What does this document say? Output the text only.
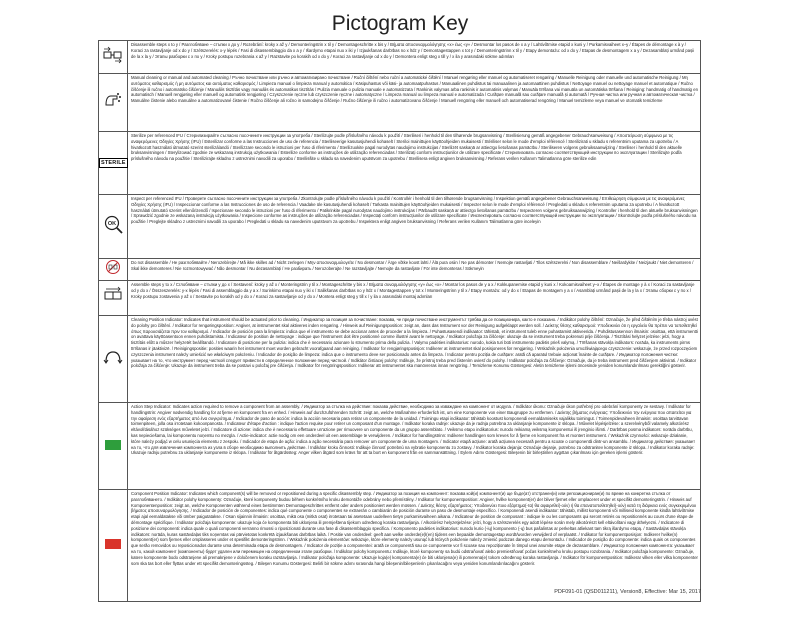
Pictogram Key
	Disassemble steps x to y / Разглобяване – стъпки x до y / Rozebrání: kroky x až y / Demonteringstrin x til y / Demontageschritte x bis y / Βήματα αποσυναρμολόγησης «x» έως «y» / Desmontar los pasos de x a y / Lahtivõtmise etapid x kuni y / Purkamisvaiheet x–y / Étapes de démontage x à y / Koraci za rastavljanje od x do y / Szétszerelés: x-y lépés / Fasi di disassemblaggio da x a y / Išardymo etapai nuo x iki y / Izjaukšanas darbības no x līdz y / Demontagestappen x tot y / Demonteringstrinn x til y / Etapy demontażu: od x do y / Etapas de desmontagem x a y / Dezasamblați urmând pașii de la x la y / Этапы разборки с x по y / Kroky postupu rozebrania x až y / Razstavite po korakih od x do y / Koraci za rastavljanje od x do y / Demontera enligt steg x till y / x ila y arasındaki sökme adımları
	Manual cleaning or manual and automated cleaning / Ръчно почистване или ръчно и автоматизирано почистване / Ruční čištění nebo ruční a automatické čištění / Manuel rengøring eller manuel og automatiseret rengøring / Manuelle Reinigung oder manuelle und automatische Reinigung / Μη αυτόματος καθαρισμός ή μη αυτόματος και αυτόματος καθαρισμός / Limpieza manual o limpieza manual y automática / Käsipuhastus või käsi- ja automaatpuhastus / Manuaalinen puhdistus tai manuaalinen ja automaattinen puhdistus / Nettoyage manuel ou nettoyage manuel et automatique / Ručno čišćenje ili ručno i automatsko čišćenje / Manuális tisztítás vagy manuális és automatikus tisztítás / Pulizia manuale o pulizia manuale e automatizzata / Rankinis valymas arba rankinis ir automatinis valymas / Manuāla tīrīšana vai manuāla un automātiska tīrīšana / Reiniging: handmatig of handmatig en automatisch / Manuell rengjøring eller manuell og automatisk rengjøring / Czyszczenie ręczne lub czyszczenie ręczne i automatyczne / Limpeza manual ou limpeza manual e automatizada / Curățare manuală sau curățare manuală și automată / Ручная чистка или ручная и автоматическая чистка / Manuálne čistenie alebo manuálne a automatizované čistenie / Ročno čiščenje ali ročno in samodejno čiščenje / Ručno čišćenje ili ručno i automatizovano čišćenje / Manuell rengöring eller manuell och automatiserad rengöring / Manuel temizleme veya manuel ve otomatik temizleme
STERILE	Sterilize per referenced IFU / Стерилизирайте съгласно посочените инструкции за употреба / Sterilizujte podle příslušného návodu k použití / Steriliseri i henhold til den tilhørende brugsanvisning / Sterilisierung gemäß angegebener Gebrauchsanweisung / Αποστείρωση σύμφωνα με τις αναφερόμενες Οδηγίες Χρήσης (IFU) / Esterilizar conforme a las Instrucciones de uso de referencia / Steriliseerige kasutusjuhendi kohaselt / Steriloi mainittujen käyttöohjeiden mukaisesti / Stériliser selon le mode d'emploi référencé / Sterilizirati u skladu s referentnim uputama za upotrebu / A hivatkozott használati útmutató szerint sterilizálandó / Sterilizzare secondo le istruzioni per l'uso di riferimento / Sterilizuokite pagal nurodytas naudojimo instrukcijas / Sterilizēt saskaņā ar attiecīgo lietošanas pamācību / Steriliseren volgens gebruiksaanwijzing / Steriliser i henhold til den aktuelle bruksanvisningen / Sterylizować zgodnie ze wskazaną instrukcją użytkowania / Esterilize conforme as instruções de utilização referenciadas / Sterilizați conform instrucțiunilor de utilizare specificate / Стерилизовать согласно соответствующей инструкции по эксплуатации / Sterilizujte podľa príslušného návodu na použitie / Sterilizirajte skladno z ustreznimi navodili za uporabo / Sterilisšite u skladu sa navedenim uputstvom za upotrebu / Sterilisera enligt angiven bruksanvisning / Referans verilen Kullanım Talimatlarına göre sterilize edin

OK	Inspect per referenced IFU / Проверете съгласно посочените инструкции за употреба / Zkontrolujte podle příslušného návodu k použití / Kontrollér i henhold til den tilhørende brugsanvisning / Inspektion gemäß angegebener Gebrauchsanweisung / Επιθεώρηση σύμφωνα με τις αναφερόμενες Οδηγίες Χρήσης (IFU) / Inspeccionar conforme a las Instrucciones de uso de referencia / Vaadake üle kasutusjuhendi kohaselt / Tarkasta mainittujen käyttöohjeiden mukaisesti / Inspecter selon le mode d'emploi référencé / Pregledati u skladu s referentnim uputama za upotrebu / A hivatkozott használati útmutató szerint ellenőrizendő / Ispezionare secondo le istruzioni per l'uso di riferimento / Patikrinkite pagal nurodytas naudojimo instrukcijas / Pārbaudīt saskaņā ar attiecīgo lietošanas pamācību / Inspecteren volgens gebruiksaanwijzing / Kontroller i henhold til den aktuelle bruksanvisningen / Sprawdzić zgodnie ze wskazaną instrukcją użytkowania / Inspecione conforme as instruções de utilização referenciadas / Inspectați conform instrucțiunilor de utilizare specificate / Инспектировать согласно соответствующей инструкции по эксплуатации / Skontrolujte podľa príslušného návodu na použitie / Preglejte skladno z ustreznimi navodili za uporabo / Pregledati u skladu sa navedenim uputstvom za upotrebu / Inspektera enligt angiven bruksanvisning / Referans verilen Kullanım Talimatlarına göre inceleyin
	Do not disassemble / Не разглобявайте / Nerozebírejte / Må ikke skilles ad / Nicht zerlegen / Μην αποσυναρμολογείτε / No desmontar / Ärge võtke koost lahti / Älä pura osiin / Ne pas démonter / Nemojte rastavljati / Tilos szétszerelni / Non disassemblare / Neišardykite / Neizjaukt / Niet demonteren / Skal ikke demonteres / Nie rozmontowywać / Não desmontar / Nu dezasamblați / Не разбирать / Nerozoberajte / Ne razstavljajte / Nemojte da rastavljate / För inte demonteras / Sökmeyin
	Assemble steps y to x / Сглобяване – стъпки y до x / Sestavení: kroky y až x / Monteringstrin y til x / Montageschritte y bis x / Βήματα συναρμολόγησης «y» έως «x» / Montar los pasos de y a x / Kokkupanemise etapid y kuni x / Kokoamisvaiheet y–x / Étapes de montage y à x / Koraci za sastavljanje od y do x / Összeszerelés: y-x lépés / Fasi di assemblaggio da y a x / Surinkimo etapai nuo y iki x / Salikšanas darbības no y līdz x / Montagestappen y tot x / Monteringstrinn y til x / Etapy montażu: od y do x / Etapas de montagem y a x / Asamblați urmând pașii de la y la x / Этапы сборки с y по x / Kroky postupu zostavenia y až x / Sestavite po korakih od y do x / Koraci za sastavljanje od y do x / Montera enligt steg y till x / y ila x arasındaki montaj adımları
	Cleaning Position Indicator: Indicates that instrument should be actuated prior to cleaning. / Индикатор за позиция за почистване: показва, че преди почистване инструментът трябва да се позиционира, както е показано. / Indikátor polohy čištění: Označuje, že před čištěním je třeba nástroj uvést do polohy pro čištění. / Indikator for rengøringsposition: Angiver, at instrumentet skal aktiveres inden rengøring. / Hinweis auf Reinigungsposition: zeigt an, dass das Instrument vor der Reinigung aufgeklappt werden soll. / Δείκτης θέσης καθαρισμού: Υποδεικνύει ότι η εργαλείο θα πρέπει να τοποθετηθεί όπως παρουσιάζεται πριν τον καθαρισμό. / Indicador de posición para la limpieza: indica que el instrumento se debe accionar antes de proceder a la limpieza. / Puhastusasendi indikaator: tähistab, et instrument tuleb enne puhastamist aktiveerida. / Puhdistusasennon ilmaisin: osoittaa, että instrumentti on avattava käyttöasentoon ennen puhdistamista. / Indicateur de position de nettoyage : indique que l'instrument doit être positionné comme illustré avant le nettoyage. / Indikator položaja za čišćenje: ukazuje da se instrument treba pokrenuti prije čišćenja. / Tisztítási helyzet jelzése: jelzi, hogy a tisztítás előtt a műszer helyzetét beállítandó. / Indicatore di posizione per la pulizia: indica che è necessario azionare lo strumento prima della pulizia. / Valymo padėties indikatorius: nurodo, kokia turi būti instrumento padėtis prieš valymą. / Tīrīšanas stāvokļa indikators: norāda, ka instruments pirms tīrīšanas ir jāaktivizē. / Reinigingspositie: posities waarin het instrument moet worden gebracht voorafgaand aan reiniging. / Indikator for rengjøringsposisjon: Indikerer at instrumentet skal posisjoneres før rengjøring. / Wskaźnik położenia umożliwiającego czyszczenie: wskazuje, że przed rozpoczęciem czyszczenia instrument należy umieścić we właściwym położeniu. / Indicador de posição de limpeza: indica que o instrumento deve ser posicionado antes da limpeza. / Indicator pentru poziția de curățare: arată că aparatul trebuie acționat înainte de curățare. / Индикатор положения чистки: указывает на то, что инструмент перед чисткой следует привести в определенное положение перед чисткой. / Indikátor čistiacej polohy: Indikuje, že prístroj treba pred čistením uviesť do polohy. / Indikator položaja za čiščenje: Označuje, da je treba instrument pred čiščenjem aktivirati. / Indikator položaja za čišćenje: Ukazuje da instrument treba da se postavi u položaj pre čišćenja. / Indikator för rengöringsposition: Indikerar att instrumentet ska manövreras innan rengöring. / Temizleme Konumu Göstergesi: Aletin temizleme işlemi öncesinde yeniden konumlandırılması gerektiğini gösterir.
	Action Step Indicator: Indicates action required to remove a component from an assembly. / Индикатор за стъпка на действие: показва действие, необходимо за изваждане на компонент от модула. / Indikátor úkonu: Označuje úkon potřebný pro odebrání komponenty ze sestavy. / Indikator for handlingstrin: Angiver nødvendig handling for at fjerne en komponent fra en enhed. / Hinweis auf durchzuführenden Schritt: zeigt an, welche Maßnahme erforderlich ist, um eine Komponente von einer Baugruppe zu entfernen. / Δείκτης βήματος ενέργειας: Υποδεικνύει την ενέργεια που απαιτείται για την αφαίρεση ενός εξαρτήματος από ένα συγκρότημα. / Indicador de paso de acción: indica la acción necesaria para retirar un componente de la unidad. / Toimingu etapi indikaator: tähistab koostust komponendi eemaldamiseks vajalikku toimingut. / Toimenpidevaiheen ilmaisin: osoittaa tarvittavan toimenpiteen, jolla osa irrotetaan kokoonpanosta. / Indicateur d'étape d'action : indique l'action requise pour retirer un composant d'un montage. / Indikator koraka radnje: ukazuje da je radnja potrebna za uklanjanje komponente iz sklopa. / Művelet lépésjelzése: a szerelvényből valamely alkotórész eltávolításához szükséges műveletet jelzi. / Indicatore di azione: indica che è necessario effettuare un'azione per rimuovere un componente da un gruppo assemblato. / Veiksmo etapo indikatorius: nurodo reikiamą veiksmą komponentui iš įrenginio išimti. / Darbības posma indikators: norāda darbību, kas nepieciešama, lai komponentu noņemtu no mezgla. / Actie-indicator: actie nodig om een onderdeel uit een assemblage te verwijderen. / Indikator for handlingstrinn: Indikerer handlingen som kreves for å fjerne en komponent fra et montert instrument. / Wskaźnik czynności: wskazuje działanie, które należy podjąć w celu usunięcia elementu z zespołu. / Indicador de etapa de ação: indica a ação necessária para remover um componente de uma montagem. / Indicator etapă acțiune: arată acțiunea necesară pentru a scoate o componentă dintr-un ansamblu. / Индикатор действия: указывает на то, что для извлечения компонента из узла в сборе необходимо выполнить действие. / Indikátor kroku činnosti: Indikuje činnosť potrebnú na vybratie komponentu zo zostavy. / Indikator koraka dejanja: Označuje dejanje, potrebno za odstranitev komponente iz sklopa. / Indikator koraka radnje: Ukazuje radnju potrebnu za uklanjanje komponente iz sklopa. / Indikator för åtgärdssteg: Anger vilken åtgärd som krävs för att ta bort en komponent från en sammansättning. / Eylem Adımı Göstergesi: Bileşenin bir birleştirilen aygıttan çıkarılması için gereken işlemi gösterir.
	Component Position Indicator: Indicates which component(s) will be removed or repositioned during a specific disassembly step. / Индикатор за позиция на компонент: показва кой(и) компонент(и) ще бъде(ат) отстранен(и) или репозициониран(и) по време на конкретна стъпка от разглобяването. / Indikátor polohy komponenty: Označuje, které komponenty budou během konkrétního kroku demontáže odebrány nebo přemístěny. / Indikator for komponentposition: Angiver, hvilke komponent(er) der bliver fjernet eller omplaceret under et specifikt demonteringstrin. / Hinweis auf Komponentenposition: zeigt an, welche Komponenten während eines bestimmten Demontageschrittes entfernt oder anders positioniert werden müssen. / Δείκτης θέσης εξαρτήματος: Υποδεικνύει ποιο εξάρτημα(-τα) θα αφαιρεθεί(-ούν) ή θα επανατοποθετηθεί(-ούν) κατά τη διάρκεια ενός συγκεκριμένου βήματος αποσυναρμολόγησης. / Indicador de posición de componentes: indica qué componente o componentes se extraerán o cambiarán de posición durante un paso de desmontaje específico. / Komponendi asendi indikaator: tähistab, millist komponenti või milliseid komponente kindla lahtivõtmise etapi ajal eemaldatakse või ümber paigutatakse. / Osan sijainnin ilmaisin: osoittaa, mikä osa (mitkä osat) irrotetaan tai asetetaan uudelleen tietyn purkamisvaiheen aikana. / Indicateur de position de composant : indique le ou les composants qui seront retirés ou repositionnés au cours d'une étape de démontage spécifique. / Indikator položaja komponente: ukazuje koja će komponenta biti uklonjena ili premještena tijekom određenog koraka rastavljanja. / Alkotórész helyzetjelzése: jelzi, hogy a szétszerelés egy adott lépése során mely alkotórészt kell eltávolítani vagy áthelyezni. / Indicatore di posizione dei componenti: indica quale o quali componenti verranno rimossi o riposizionati durante una fase di disassemblaggio specifica. / Komponento padėties indikatorius: nurodo kurio (-ių) komponento (-ų) bus pašalintas ar perkeltas atliekant tam tikrą išardymo etapą. / Sastāvdaļas stāvokļa indikators: norāda, kuras sastāvdaļas tiks noņemtas vai pārvietotas konkrētā izjaukšanas darbības laikā. / Positie van onderdeel: geeft aan welke onderde(e)l(en) tijdens een bepaalde demontagestap wordt/worden verwijderd of verplaatst. / Indikator for komponentposisjon: Indikerer hvilke(n) komponent(er) som fjernes eller omplasseres under et spesifikt demonteringstrinn. / Wskaźnik położenia elementów: wskazuje, które elementy należy usunąć lub których położenie należy zmienić podczas danego etapu demontażu. / Indicador de posição do componente: indica quais os componentes que serão removidos ou reposicionados durante uma determinada etapa de desmontagem. / Indicator de poziție a componentei: arată ce componentă sau ce componente vor fi scoase sau repoziționate în timpul unei anumite etape de dezasamblare. / Индикатор положения компонента: указывает на то, какой компонент (компоненты) будет удален или перемещен на определенном этапе разборки. / Indikátor polohy komponentu: Indikuje, ktoré komponenty sa budú odstraňovať alebo premiestňovať počas konkrétneho kroku postupu rozobrania. / Indikator položaja komponente: Označuje, katere komponente bodo odstranjene ali premaknjene v določenem koraku razstavljanja. / Indikator položaja komponente: Ukazuje koja(e) komponenta(e) će biti uklonjena(e) ili pomerena(e) tokom određenog koraka rastavljanja. / Indikator för komponentposition: Indikerar vilken eller vilka komponenter som ska tas bort eller flyttas under ett specifikt demonteringssteg. / Bileşen Konumu Göstergesi: Belirli bir sökme adımı sırasında hangi bileşenin/bileşenlerin çıkarılacağını veya yeniden konumlandırılacağını gösterir.
PDF091-01 (QSD011211), Version8, Effective: Mar 15, 2017
